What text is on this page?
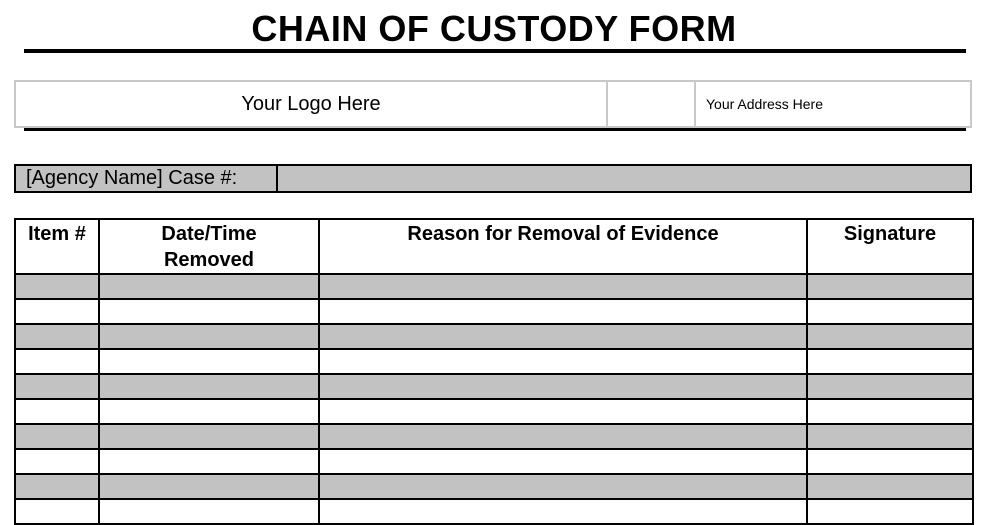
CHAIN OF CUSTODY FORM
Your Logo Here	Your Address Here
[Agency Name] Case #:
Item #	Date/Time Removed	Reason for Removal of Evidence	Signature
